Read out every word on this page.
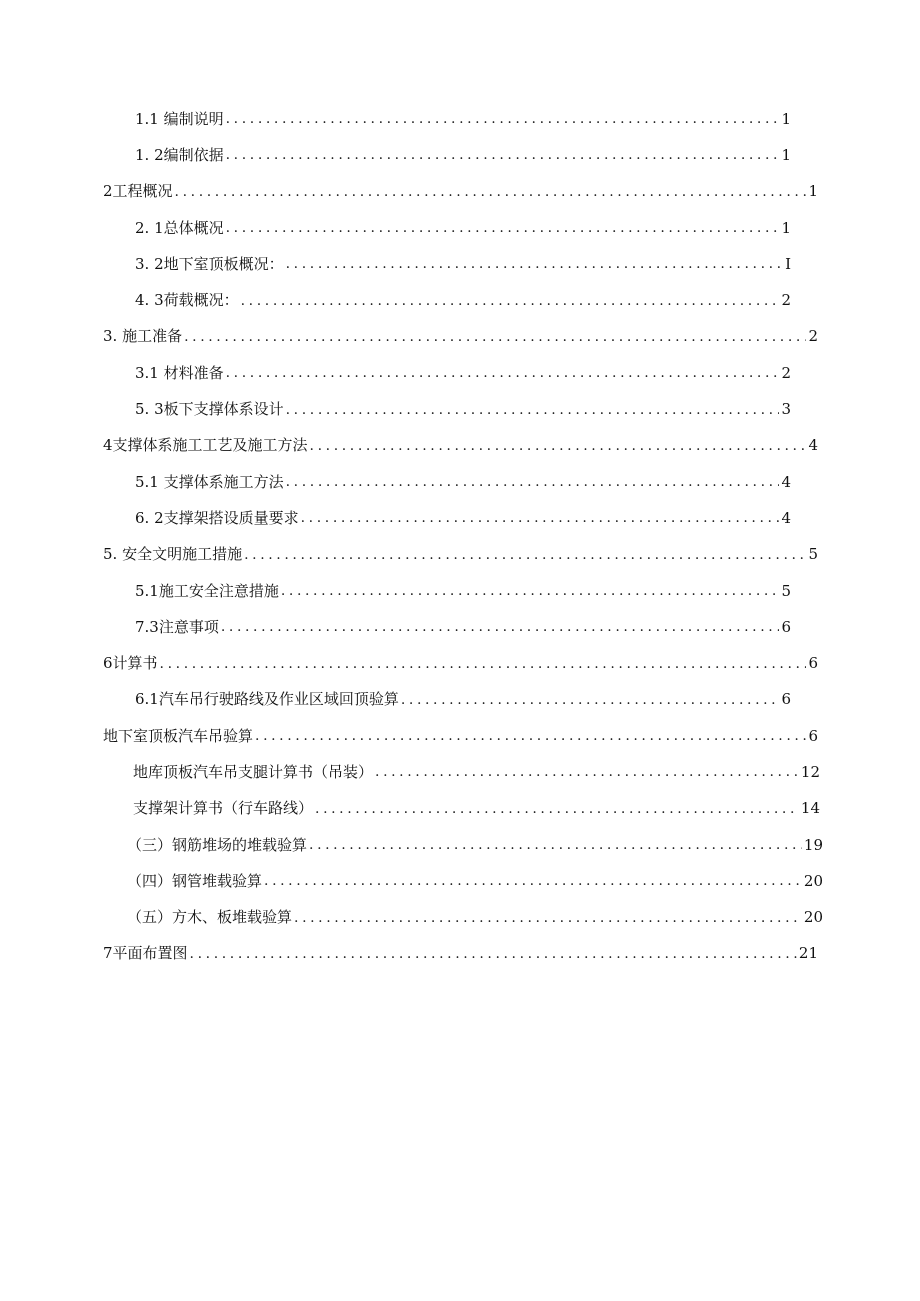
1.1 编制说明 .....	1
1. 2编制依据 .....	1
2工程概况 .....	1
2. 1总体概况 .....	1
3. 2地下室顶板概况： .....	I
4. 3荷载概况： .....	2
3. 施工准备 .....	2
3.1 材料准备 .....	2
5. 3板下支撑体系设计 .....	3
4支撑体系施工工艺及施工方法 .....	4
5.1 支撑体系施工方法 .....	4
6. 2支撑架搭设质量要求 .....	4
5. 安全文明施工措施 .....	5
5.1施工安全注意措施 .....	5
7.3注意事项 .....	6
6计算书 .....	6
6.1汽车吊行驶路线及作业区域回顶验算 .....	6
地下室顶板汽车吊验算 .....	6
地库顶板汽车吊支腿计算书（吊装） .....	12
支撑架计算书（行车路线） .....	14
（三）钢筋堆场的堆载验算 .....	19
（四）钢管堆载验算 .....	20
（五）方木、板堆载验算 .....	20
7平面布置图 .....	21
